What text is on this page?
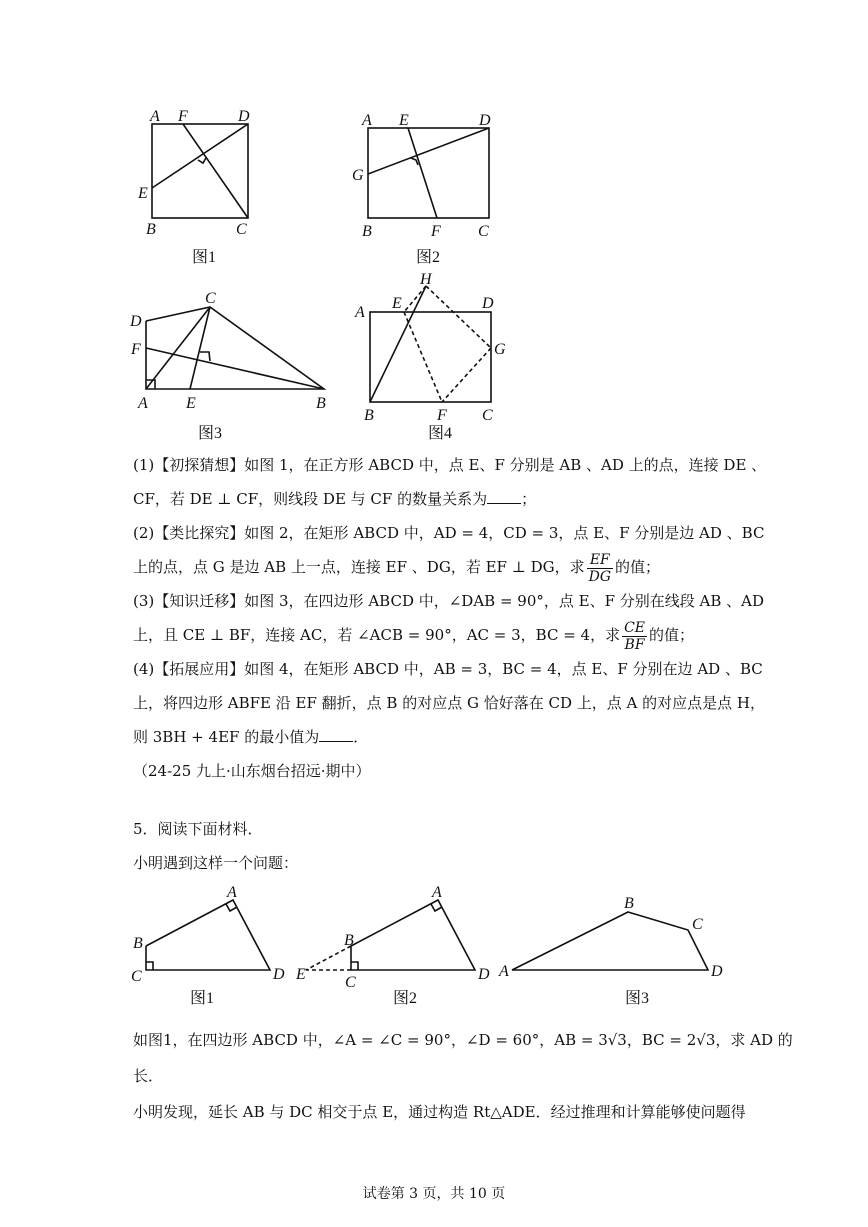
A F	D
E
B	C
图1
A E	D
G
B	F C
图2
D
C
F
A E	B
图3
H
E	D
A
G
B	F C
图4
A
B
C	D
图1
A
B
E C	D
图2
B
C
A	D
图3
(1)【初探猜想】如图 1，在正方形 ABCD 中，点 E、F 分别是 AB 、AD 上的点，连接 DE 、
CF，若 DE ⊥ CF，则线段 DE 与 CF 的数量关系为 ；
(2)【类比探究】如图 2，在矩形 ABCD 中，AD = 4，CD = 3，点 E、F 分别是边 AD 、BC
上的点，点 G 是边 AB 上一点，连接 EF 、DG，若 EF ⊥ DG，求 $\frac{EF}{DG}$ 的值；
(3)【知识迁移】如图 3，在四边形 ABCD 中，∠DAB = 90°，点 E、F 分别在线段 AB 、AD
上，且 CE ⊥ BF，连接 AC，若 ∠ACB = 90°，AC = 3，BC = 4，求 $\frac{CE}{BF}$ 的值；
(4)【拓展应用】如图 4，在矩形 ABCD 中，AB = 3，BC = 4，点 E、F 分别在边 AD 、BC
上，将四边形 ABFE 沿 EF 翻折，点 B 的对应点 G 恰好落在 CD 上，点 A 的对应点是点 H，
则 3BH + 4EF 的最小值为 ．
（24-25 九上·山东烟台招远·期中）
5．阅读下面材料．
小明遇到这样一个问题：
如图1，在四边形 ABCD 中，∠A = ∠C = 90°，∠D = 60°，AB = 3√3，BC = 2√3，求 AD 的
长．
小明发现，延长 AB 与 DC 相交于点 E，通过构造 Rt△ADE．经过推理和计算能够使问题得
试卷第 3 页，共 10 页
